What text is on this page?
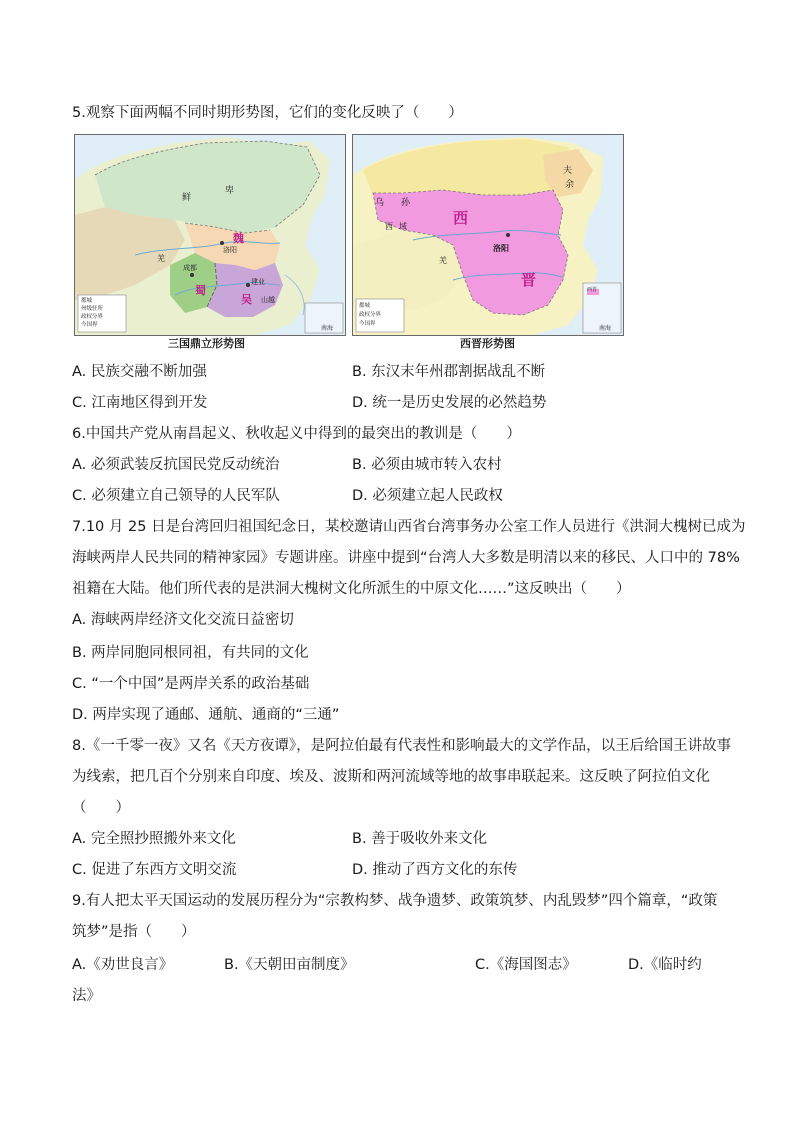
5.观察下面两幅不同时期形势图，它们的变化反映了（　　）
鲜
卑
魏
洛阳
成都
蜀
建业
吴 山越
羌
南海
都城
州级驻所
政权分界
今国界
三国鼎立形势图
夫
余
乌 孙
西 域	西
洛阳
晋
羌
南海
西晋
都城
政权分界
今国界
西晋形势图
A. 民族交融不断加强	B. 东汉末年州郡割据战乱不断
C. 江南地区得到开发	D. 统一是历史发展的必然趋势
6.中国共产党从南昌起义、秋收起义中得到的最突出的教训是（　　）
A. 必须武装反抗国民党反动统治	B. 必须由城市转入农村
C. 必须建立自己领导的人民军队	D. 必须建立起人民政权
7.10 月 25 日是台湾回归祖国纪念日，某校邀请山西省台湾事务办公室工作人员进行《洪洞大槐树已成为
海峡两岸人民共同的精神家园》专题讲座。讲座中提到“台湾人大多数是明清以来的移民、人口中的 78%
祖籍在大陆。他们所代表的是洪洞大槐树文化所派生的中原文化……”这反映出（　　）
A. 海峡两岸经济文化交流日益密切
B. 两岸同胞同根同祖，有共同的文化
C. “一个中国”是两岸关系的政治基础
D. 两岸实现了通邮、通航、通商的“三通”
8.《一千零一夜》又名《天方夜谭》，是阿拉伯最有代表性和影响最大的文学作品，以王后给国王讲故事
为线索，把几百个分别来自印度、埃及、波斯和两河流域等地的故事串联起来。这反映了阿拉伯文化
（　　）
A. 完全照抄照搬外来文化	B. 善于吸收外来文化
C. 促进了东西方文明交流	D. 推动了西方文化的东传
9.有人把太平天国运动的发展历程分为“宗教构梦、战争遗梦、政策筑梦、内乱毁梦”四个篇章，“政策
筑梦”是指（　　）
A.《劝世良言》	B.《天朝田亩制度》	C.《海国图志》	D.《临时约
法》
